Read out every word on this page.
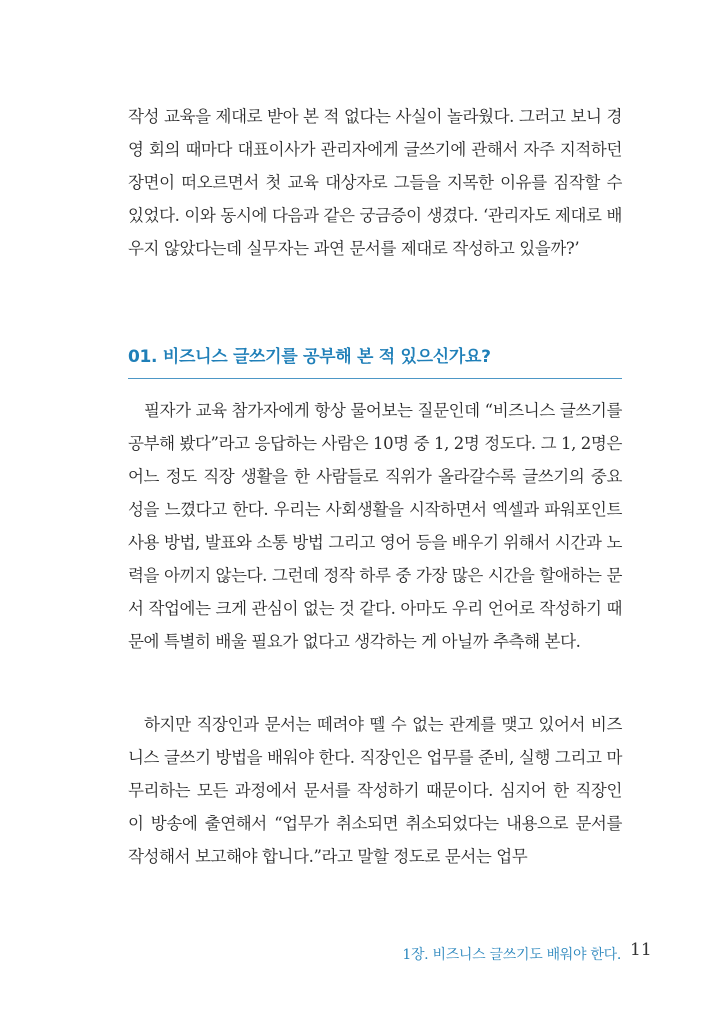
작성 교육을 제대로 받아 본 적 없다는 사실이 놀라웠다. 그러고 보니 경영 회의 때마다 대표이사가 관리자에게 글쓰기에 관해서 자주 지적하던 장면이 떠오르면서 첫 교육 대상자로 그들을 지목한 이유를 짐작할 수 있었다. 이와 동시에 다음과 같은 궁금증이 생겼다. ‘관리자도 제대로 배우지 않았다는데 실무자는 과연 문서를 제대로 작성하고 있을까?’

01. 비즈니스 글쓰기를 공부해 본 적 있으신가요?

필자가 교육 참가자에게 항상 물어보는 질문인데 “비즈니스 글쓰기를 공부해 봤다”라고 응답하는 사람은 10명 중 1, 2명 정도다. 그 1, 2명은 어느 정도 직장 생활을 한 사람들로 직위가 올라갈수록 글쓰기의 중요성을 느꼈다고 한다. 우리는 사회생활을 시작하면서 엑셀과 파워포인트 사용 방법, 발표와 소통 방법 그리고 영어 등을 배우기 위해서 시간과 노력을 아끼지 않는다. 그런데 정작 하루 중 가장 많은 시간을 할애하는 문서 작업에는 크게 관심이 없는 것 같다. 아마도 우리 언어로 작성하기 때문에 특별히 배울 필요가 없다고 생각하는 게 아닐까 추측해 본다.

하지만 직장인과 문서는 떼려야 뗄 수 없는 관계를 맺고 있어서 비즈니스 글쓰기 방법을 배워야 한다. 직장인은 업무를 준비, 실행 그리고 마무리하는 모든 과정에서 문서를 작성하기 때문이다. 심지어 한 직장인이 방송에 출연해서 “업무가 취소되면 취소되었다는 내용으로 문서를 작성해서 보고해야 합니다.”라고 말할 정도로 문서는 업무

1장. 비즈니스 글쓰기도 배워야 한다. 11
